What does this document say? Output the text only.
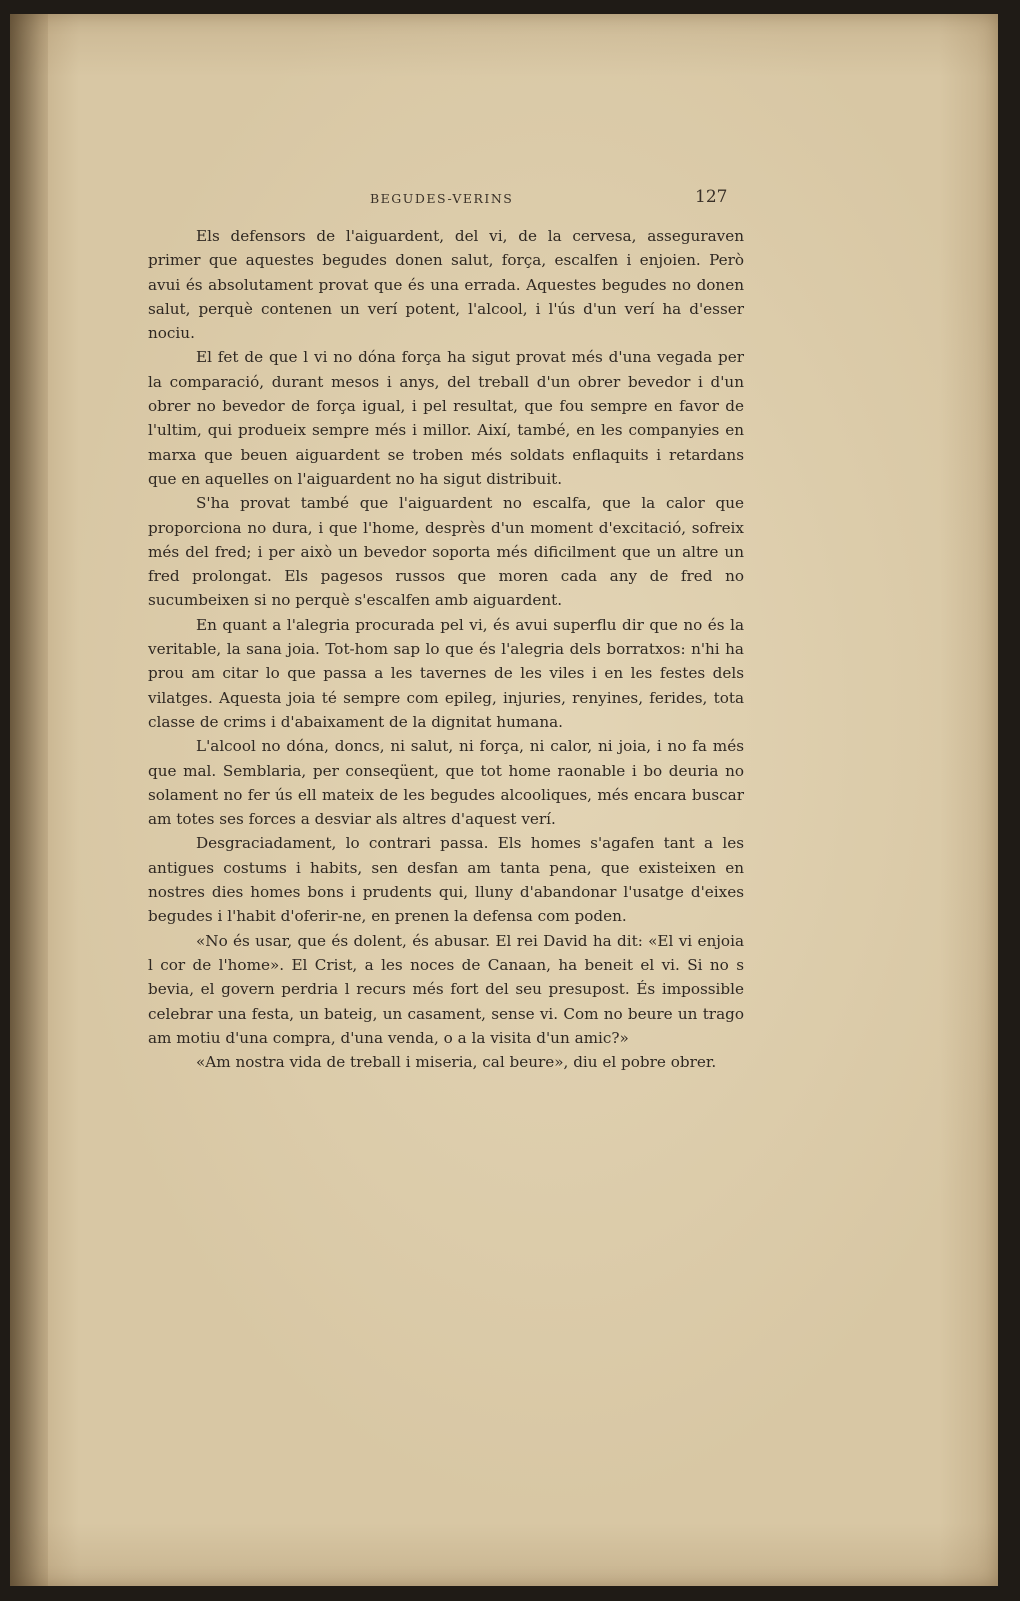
BEGUDES-VERINS	127

Els defensors de l'aiguardent, del vi, de la cervesa, asseguraven primer que aquestes begudes donen salut, força, escalfen i enjoien. Però avui és absolutament provat que és una errada. Aquestes begudes no donen salut, perquè contenen un verí potent, l'alcool, i l'ús d'un verí ha d'esser nociu.

El fet de que l vi no dóna força ha sigut provat més d'una vegada per la comparació, durant mesos i anys, del treball d'un obrer bevedor i d'un obrer no bevedor de força igual, i pel resultat, que fou sempre en favor de l'ultim, qui produeix sempre més i millor. Així, també, en les companyies en marxa que beuen aiguardent se troben més soldats enflaquits i retardans que en aquelles on l'aiguardent no ha sigut distribuit.

S'ha provat també que l'aiguardent no escalfa, que la calor que proporciona no dura, i que l'home, desprès d'un moment d'excitació, sofreix més del fred; i per això un bevedor soporta més dificilment que un altre un fred prolongat. Els pagesos russos que moren cada any de fred no sucumbeixen si no perquè s'escalfen amb aiguardent.

En quant a l'alegria procurada pel vi, és avui superflu dir que no és la veritable, la sana joia. Tot-hom sap lo que és l'alegria dels borratxos: n'hi ha prou am citar lo que passa a les tavernes de les viles i en les festes dels vilatges. Aquesta joia té sempre com epileg, injuries, renyines, ferides, tota classe de crims i d'abaixament de la dignitat humana.

L'alcool no dóna, doncs, ni salut, ni força, ni calor, ni joia, i no fa més que mal. Semblaria, per conseqüent, que tot home raonable i bo deuria no solament no fer ús ell mateix de les begudes alcooliques, més encara buscar am totes ses forces a desviar als altres d'aquest verí.

Desgraciadament, lo contrari passa. Els homes s'agafen tant a les antigues costums i habits, sen desfan am tanta pena, que existeixen en nostres dies homes bons i prudents qui, lluny d'abandonar l'usatge d'eixes begudes i l'habit d'oferir-ne, en prenen la defensa com poden.

«No és usar, que és dolent, és abusar. El rei David ha dit: «El vi enjoia l cor de l'home». El Crist, a les noces de Canaan, ha beneit el vi. Si no s bevia, el govern perdria l recurs més fort del seu presupost. És impossible celebrar una festa, un bateig, un casament, sense vi. Com no beure un trago am motiu d'una compra, d'una venda, o a la visita d'un amic?»

«Am nostra vida de treball i miseria, cal beure», diu el pobre obrer.
